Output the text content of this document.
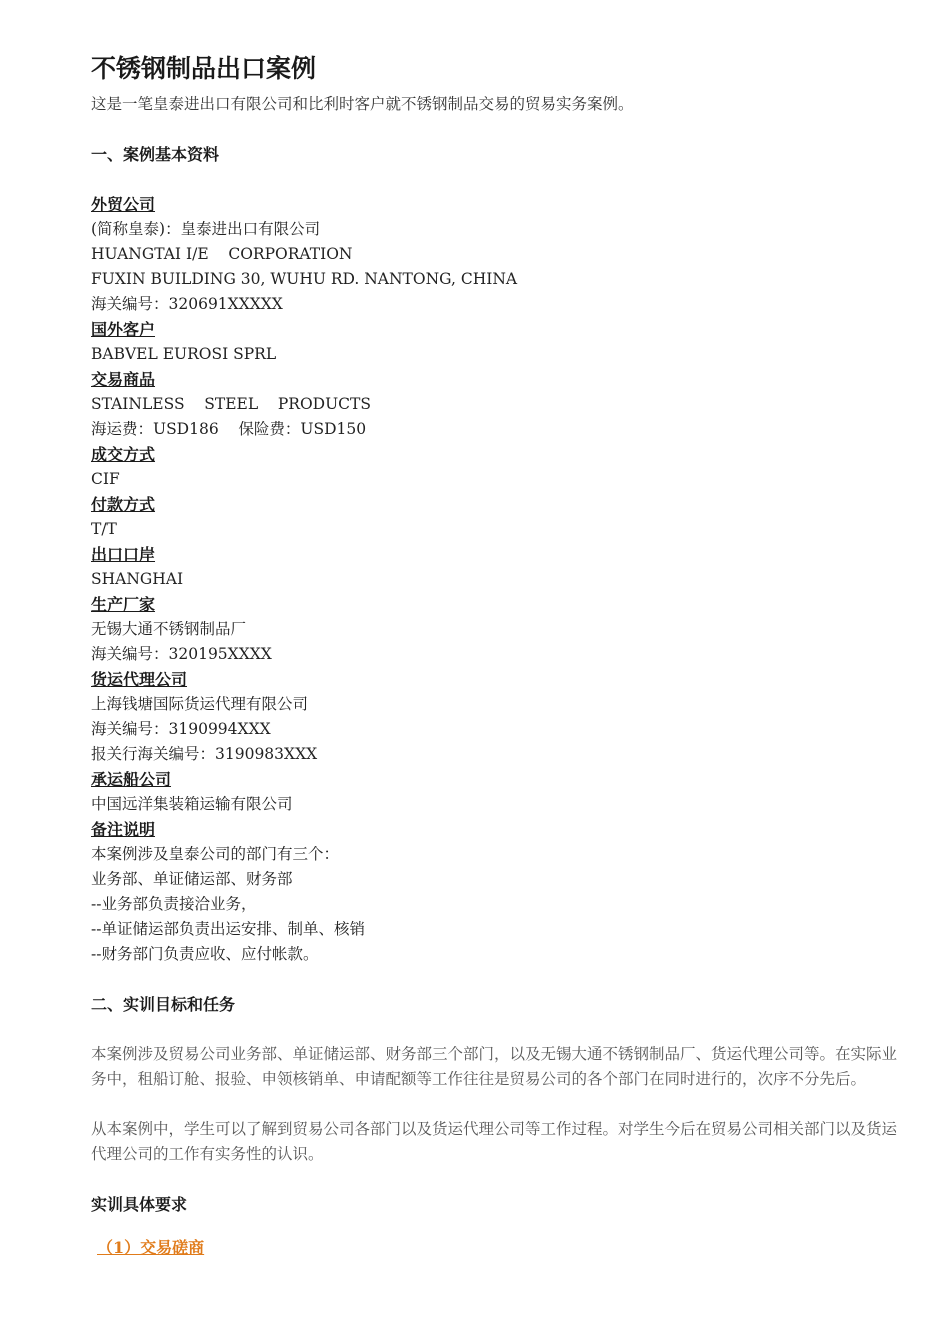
不锈钢制品出口案例
这是一笔皇泰进出口有限公司和比利时客户就不锈钢制品交易的贸易实务案例。
一、案例基本资料
外贸公司
(简称皇泰)：皇泰进出口有限公司
HUANGTAI I/E    CORPORATION
FUXIN BUILDING 30, WUHU RD. NANTONG, CHINA
海关编号：320691XXXXX
国外客户
BABVEL EUROSI SPRL
交易商品
STAINLESS    STEEL    PRODUCTS
海运费：USD186    保险费：USD150
成交方式
CIF
付款方式
T/T
出口口岸
SHANGHAI
生产厂家
无锡大通不锈钢制品厂
海关编号：320195XXXX
货运代理公司
上海钱塘国际货运代理有限公司
海关编号：3190994XXX
报关行海关编号：3190983XXX
承运船公司
中国远洋集装箱运输有限公司
备注说明
本案例涉及皇泰公司的部门有三个：
业务部、单证储运部、财务部
--业务部负责接洽业务，
--单证储运部负责出运安排、制单、核销
--财务部门负责应收、应付帐款。
二、实训目标和任务
本案例涉及贸易公司业务部、单证储运部、财务部三个部门，以及无锡大通不锈钢制品厂、货运代理公司等。在实际业务中，租船订舱、报验、申领核销单、申请配额等工作往往是贸易公司的各个部门在同时进行的，次序不分先后。
从本案例中，学生可以了解到贸易公司各部门以及货运代理公司等工作过程。对学生今后在贸易公司相关部门以及货运代理公司的工作有实务性的认识。
实训具体要求
（1）交易磋商
